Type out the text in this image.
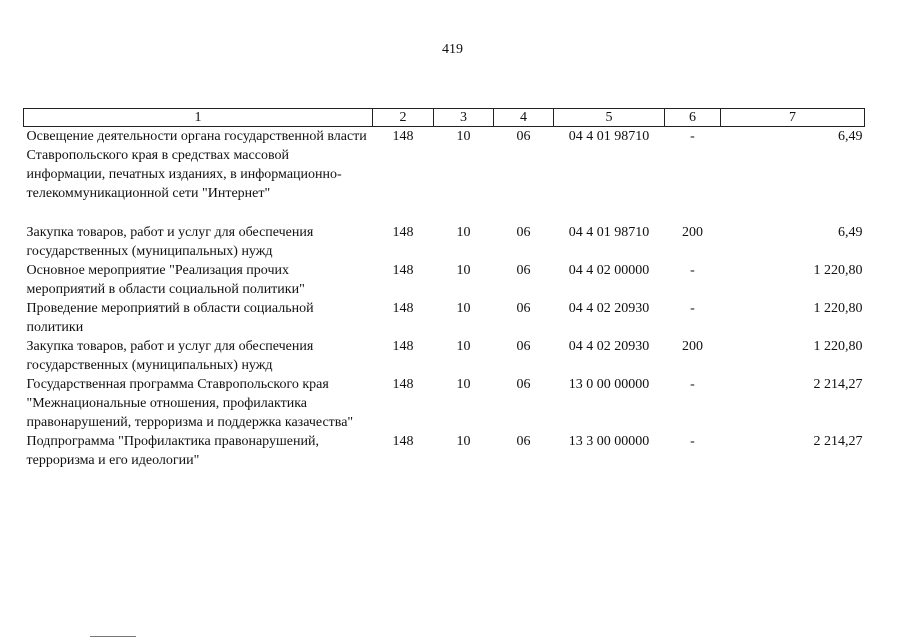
419
1	2	3	4	5	6	7
Освещение деятельности органа государственной власти Ставропольского края в средствах массовой информации, печатных изданиях, в информационно-телекоммуникационной сети "Интернет"	148	10	06	04 4 01 98710	-	6,49

Закупка товаров, работ и услуг для обеспечения государственных (муниципальных) нужд	148	10	06	04 4 01 98710	200	6,49
Основное мероприятие "Реализация прочих мероприятий в области социальной политики"	148	10	06	04 4 02 00000	-	1 220,80
Проведение мероприятий в области социальной политики	148	10	06	04 4 02 20930	-	1 220,80
Закупка товаров, работ и услуг для обеспечения государственных (муниципальных) нужд	148	10	06	04 4 02 20930	200	1 220,80
Государственная программа Ставропольского края "Межнациональные отношения, профилактика правонарушений, терроризма и поддержка казачества"	148	10	06	13 0 00 00000	-	2 214,27
Подпрограмма "Профилактика правонарушений, терроризма и его идеологии"	148	10	06	13 3 00 00000	-	2 214,27
